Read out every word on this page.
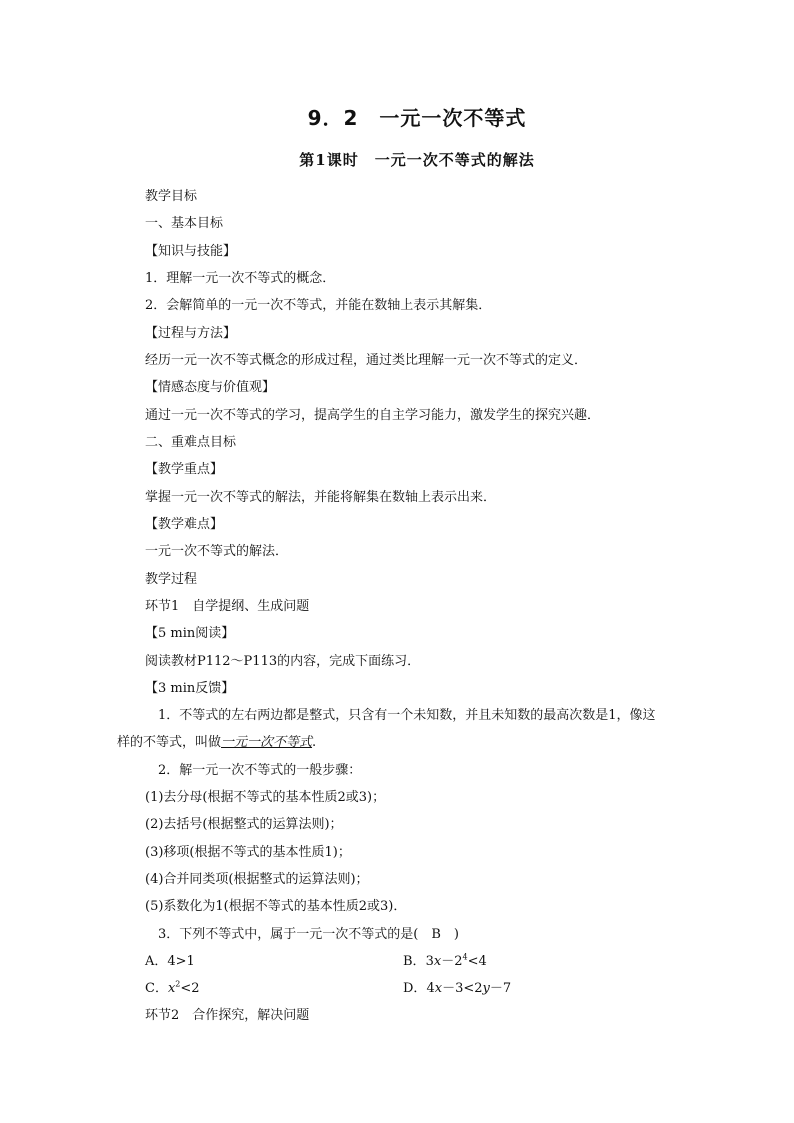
9．2　一元一次不等式
第1课时　一元一次不等式的解法
教学目标
一、基本目标
【知识与技能】
1．理解一元一次不等式的概念．
2．会解简单的一元一次不等式，并能在数轴上表示其解集．
【过程与方法】
经历一元一次不等式概念的形成过程，通过类比理解一元一次不等式的定义．
【情感态度与价值观】
通过一元一次不等式的学习，提高学生的自主学习能力，激发学生的探究兴趣．
二、重难点目标
【教学重点】
掌握一元一次不等式的解法，并能将解集在数轴上表示出来．
【教学难点】
一元一次不等式的解法．
教学过程
环节1　自学提纲、生成问题
【5 min阅读】
阅读教材P112～P113的内容，完成下面练习．
【3 min反馈】
1．不等式的左右两边都是整式，只含有一个未知数，并且未知数的最高次数是1，像这
样的不等式，叫做一元一次不等式.
2．解一元一次不等式的一般步骤：
(1)去分母(根据不等式的基本性质2或3)；
(2)去括号(根据整式的运算法则)；
(3)移项(根据不等式的基本性质1)；
(4)合并同类项(根据整式的运算法则)；
(5)系数化为1(根据不等式的基本性质2或3)．
3．下列不等式中，属于一元一次不等式的是(　B　)
A．4>1	B．$3x-2^4<4$
C．$x^2<2$	D．4x－3<2y－7
环节2　合作探究，解决问题
